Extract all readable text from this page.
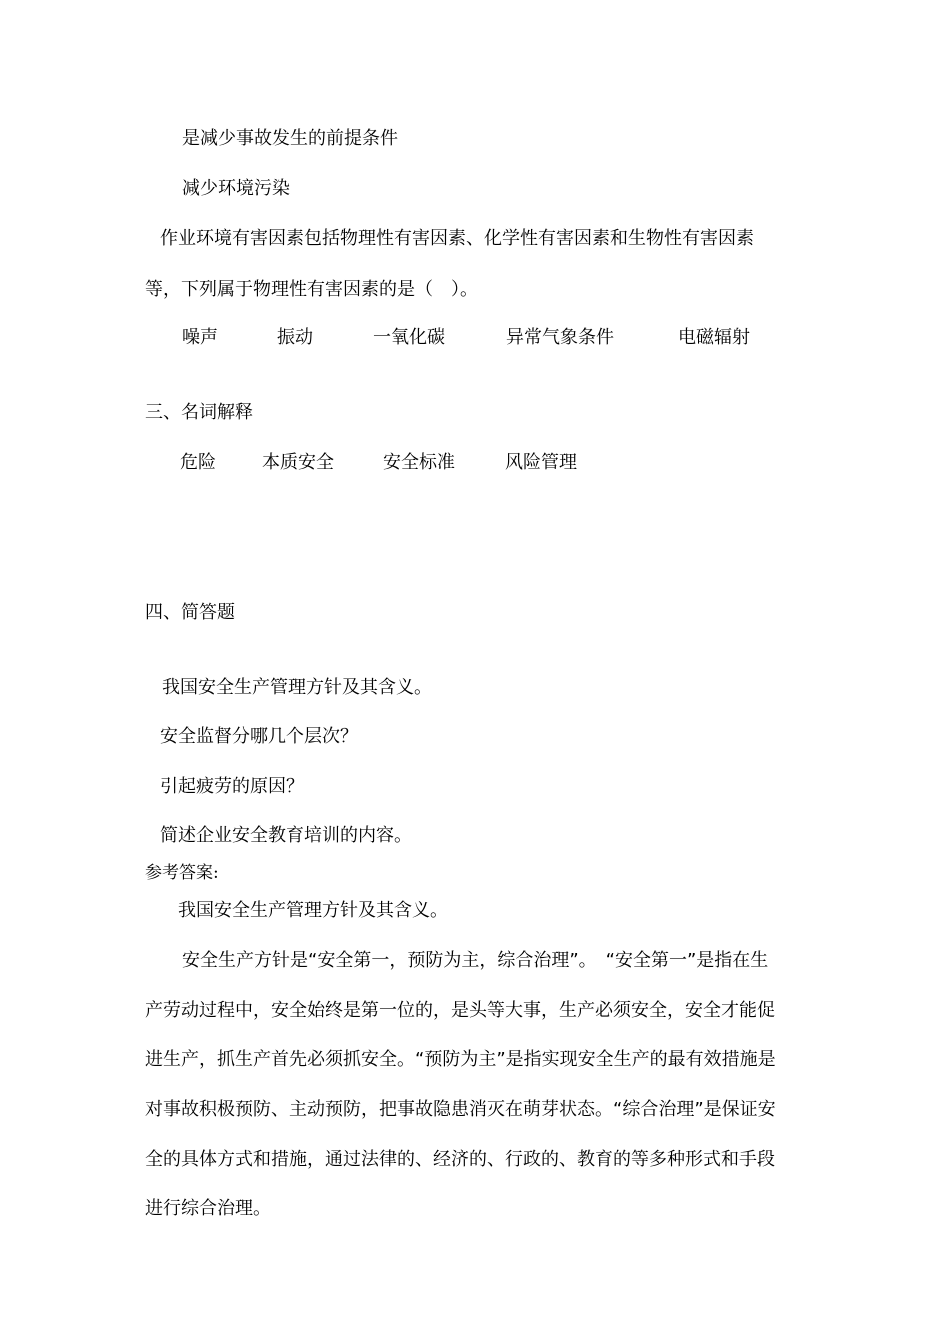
是减少事故发生的前提条件
减少环境污染
作业环境有害因素包括物理性有害因素、化学性有害因素和生物性有害因素
等，下列属于物理性有害因素的是（　）。
噪声	振动	一氧化碳	异常气象条件	电磁辐射
三、名词解释
危险	本质安全	安全标准	风险管理
四、简答题
我国安全生产管理方针及其含义。
安全监督分哪几个层次？
引起疲劳的原因？
简述企业安全教育培训的内容。
参考答案:
我国安全生产管理方针及其含义。
安全生产方针是“安全第一，预防为主，综合治理”。　“安全第一”是指在生
产劳动过程中，安全始终是第一位的，是头等大事，生产必须安全，安全才能促
进生产，抓生产首先必须抓安全。“预防为主”是指实现安全生产的最有效措施是
对事故积极预防、主动预防，把事故隐患消灭在萌芽状态。“综合治理”是保证安
全的具体方式和措施，通过法律的、经济的、行政的、教育的等多种形式和手段
进行综合治理。
